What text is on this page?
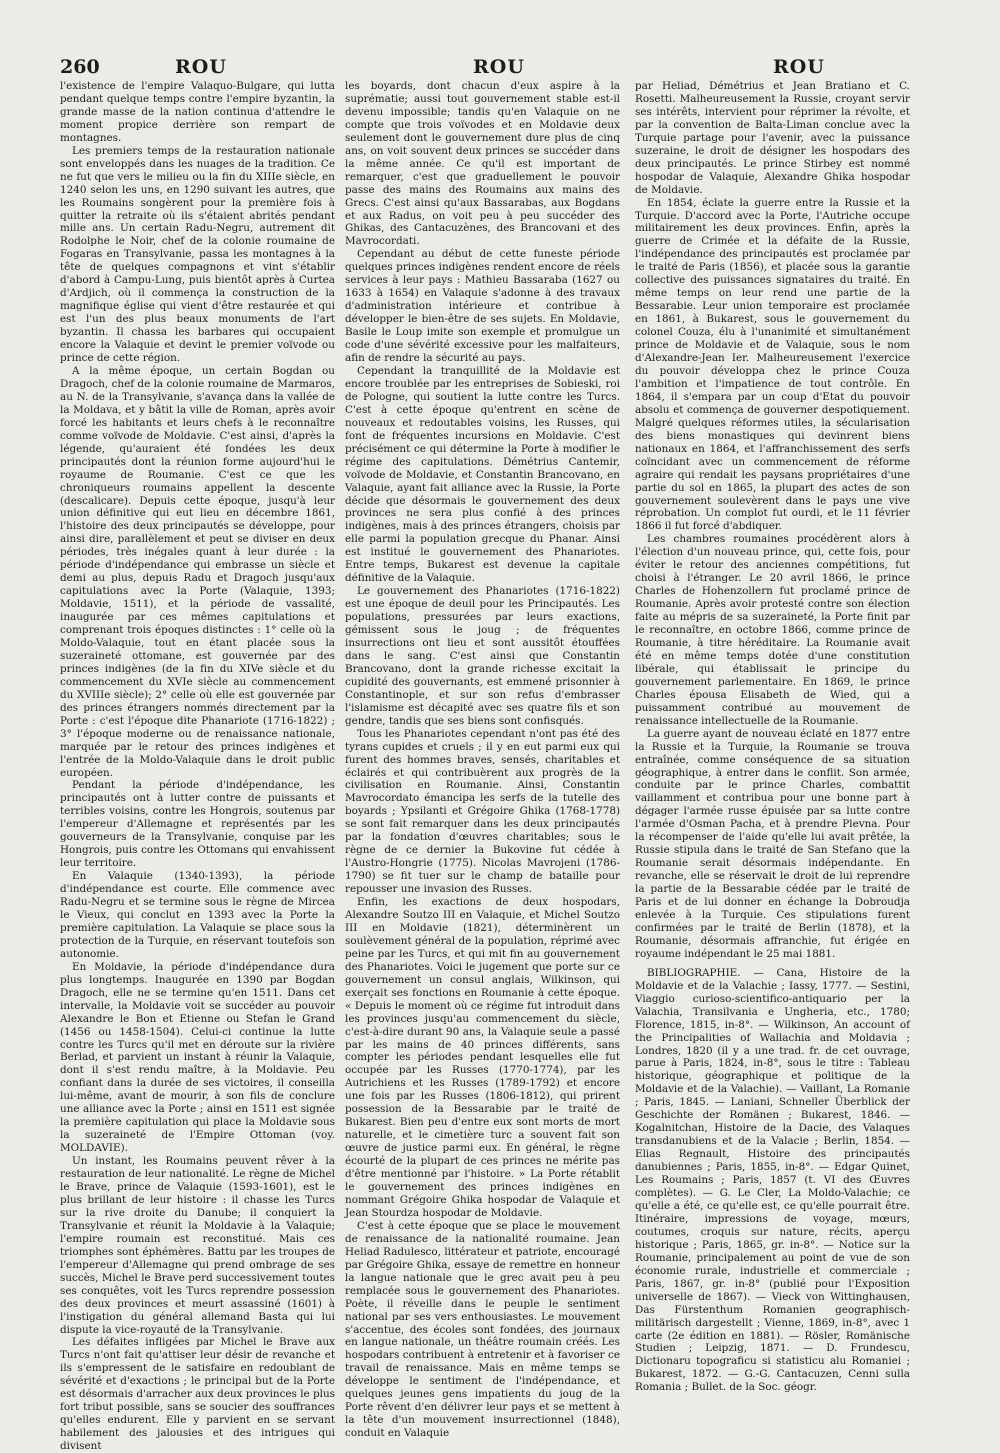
260	ROU	ROU	ROU

l'existence de l'empire Valaquo-Bulgare, qui lutta pendant quelque temps contre l'empire byzantin, la grande masse de la nation continua d'attendre le moment propice derrière son rempart de montagnes.

Les premiers temps de la restauration nationale sont enveloppés dans les nuages de la tradition. Ce ne fut que vers le milieu ou la fin du XIIIe siècle, en 1240 selon les uns, en 1290 suivant les autres, que les Roumains songèrent pour la première fois à quitter la retraite où ils s'étaient abrités pendant mille ans. Un certain Radu-Negru, autrement dit Rodolphe le Noir, chef de la colonie roumaine de Fogaras en Transylvanie, passa les montagnes à la tête de quelques compagnons et vint s'établir d'abord à Campu-Lung, puis bientôt après à Curtea d'Ardjich, où il commença la construction de la magnifique église qui vient d'être restaurée et qui est l'un des plus beaux monuments de l'art byzantin. Il chassa les barbares qui occupaient encore la Valaquie et devint le premier voïvode ou prince de cette région.

A la même époque, un certain Bogdan ou Dragoch, chef de la colonie roumaine de Marmaros, au N. de la Transylvanie, s'avança dans la vallée de la Moldava, et y bâtit la ville de Roman, après avoir forcé les habitants et leurs chefs à le reconnaître comme voïvode de Moldavie. C'est ainsi, d'après la légende, qu'auraient été fondées les deux principautés dont la réunion forme aujourd'hui le royaume de Roumanie. C'est ce que les chroniqueurs roumains appellent la descente (descalicare). Depuis cette époque, jusqu'à leur union définitive qui eut lieu en décembre 1861, l'histoire des deux principautés se développe, pour ainsi dire, parallèlement et peut se diviser en deux périodes, très inégales quant à leur durée : la période d'indépendance qui embrasse un siècle et demi au plus, depuis Radu et Dragoch jusqu'aux capitulations avec la Porte (Valaquie, 1393; Moldavie, 1511), et la période de vassalité, inaugurée par ces mêmes capitulations et comprenant trois époques distinctes : 1° celle où la Moldo-Valaquie, tout en étant placée sous la suzeraineté ottomane, est gouvernée par des princes indigènes (de la fin du XIVe siècle et du commencement du XVIe siècle au commencement du XVIIIe siècle); 2° celle où elle est gouvernée par des princes étrangers nommés directement par la Porte : c'est l'époque dite Phanariote (1716-1822) ; 3° l'époque moderne ou de renaissance nationale, marquée par le retour des princes indigènes et l'entrée de la Moldo-Valaquie dans le droit public européen.

Pendant la période d'indépendance, les principautés ont à lutter contre de puissants et terribles voisins, contre les Hongrois, soutenus par l'empereur d'Allemagne et représentés par les gouverneurs de la Transylvanie, conquise par les Hongrois, puis contre les Ottomans qui envahissent leur territoire.

En Valaquie (1340-1393), la période d'indépendance est courte. Elle commence avec Radu-Negru et se termine sous le règne de Mircea le Vieux, qui conclut en 1393 avec la Porte la première capitulation. La Valaquie se place sous la protection de la Turquie, en réservant toutefois son autonomie.

En Moldavie, la période d'indépendance dura plus longtemps. Inaugurée en 1390 par Bogdan Dragoch, elle ne se termine qu'en 1511. Dans cet intervalle, la Moldavie voit se succéder au pouvoir Alexandre le Bon et Etienne ou Stefan le Grand (1456 ou 1458-1504). Celui-ci continue la lutte contre les Turcs qu'il met en déroute sur la rivière Berlad, et parvient un instant à réunir la Valaquie, dont il s'est rendu maître, à la Moldavie. Peu confiant dans la durée de ses victoires, il conseilla lui-même, avant de mourir, à son fils de conclure une alliance avec la Porte ; ainsi en 1511 est signée la première capitulation qui place la Moldavie sous la suzeraineté de l'Empire Ottoman (voy. MOLDAVIE).

Un instant, les Roumains peuvent rêver à la restauration de leur nationalité. Le règne de Michel le Brave, prince de Valaquie (1593-1601), est le plus brillant de leur histoire : il chasse les Turcs sur la rive droite du Danube; il conquiert la Transylvanie et réunit la Moldavie à la Valaquie; l'empire roumain est reconstitué. Mais ces triomphes sont éphémères. Battu par les troupes de l'empereur d'Allemagne qui prend ombrage de ses succès, Michel le Brave perd successivement toutes ses conquêtes, voit les Turcs reprendre possession des deux provinces et meurt assassiné (1601) à l'instigation du général allemand Basta qui lui dispute la vice-royauté de la Transylvanie.

Les défaites infligées par Michel le Brave aux Turcs n'ont fait qu'attiser leur désir de revanche et ils s'empressent de le satisfaire en redoublant de sévérité et d'exactions ; le principal but de la Porte est désormais d'arracher aux deux provinces le plus fort tribut possible, sans se soucier des souffrances qu'elles endurent. Elle y parvient en se servant habilement des jalousies et des intrigues qui divisent

les boyards, dont chacun d'eux aspire à la suprématie; aussi tout gouvernement stable est-il devenu impossible; tandis qu'en Valaquie on ne compte que trois voïvodes et en Moldavie deux seulement dont le gouvernement dure plus de cinq ans, on voit souvent deux princes se succéder dans la même année. Ce qu'il est important de remarquer, c'est que graduellement le pouvoir passe des mains des Roumains aux mains des Grecs. C'est ainsi qu'aux Bassarabas, aux Bogdans et aux Radus, on voit peu à peu succéder des Ghikas, des Cantacuzènes, des Brancovani et des Mavrocordati.

Cependant au début de cette funeste période quelques princes indigènes rendent encore de réels services à leur pays : Mathieu Bassaraba (1627 ou 1633 à 1654) en Valaquie s'adonne à des travaux d'administration intérieure et contribue à développer le bien-être de ses sujets. En Moldavie, Basile le Loup imite son exemple et promulgue un code d'une sévérité excessive pour les malfaiteurs, afin de rendre la sécurité au pays.

Cependant la tranquillité de la Moldavie est encore troublée par les entreprises de Sobieski, roi de Pologne, qui soutient la lutte contre les Turcs. C'est à cette époque qu'entrent en scène de nouveaux et redoutables voisins, les Russes, qui font de fréquentes incursions en Moldavie. C'est précisément ce qui détermine la Porte à modifier le régime des capitulations. Démétrius Cantemir, voïvode de Moldavie, et Constantin Brancovano, en Valaquie, ayant fait alliance avec la Russie, la Porte décide que désormais le gouvernement des deux provinces ne sera plus confié à des princes indigènes, mais à des princes étrangers, choisis par elle parmi la population grecque du Phanar. Ainsi est institué le gouvernement des Phanariotes. Entre temps, Bukarest est devenue la capitale définitive de la Valaquie.

Le gouvernement des Phanariotes (1716-1822) est une époque de deuil pour les Principautés. Les populations, pressurées par leurs exactions, gémissent sous le joug ; de fréquentes insurrections ont lieu et sont aussitôt étouffées dans le sang. C'est ainsi que Constantin Brancovano, dont la grande richesse excitait la cupidité des gouvernants, est emmené prisonnier à Constantinople, et sur son refus d'embrasser l'islamisme est décapité avec ses quatre fils et son gendre, tandis que ses biens sont confisqués.

Tous les Phanariotes cependant n'ont pas été des tyrans cupides et cruels ; il y en eut parmi eux qui furent des hommes braves, sensés, charitables et éclairés et qui contribuèrent aux progrès de la civilisation en Roumanie. Ainsi, Constantin Mavrocordato émancipa les serfs de la tutelle des boyards ; Ypsilanti et Grégoire Ghika (1768-1778) se sont fait remarquer dans les deux principautés par la fondation d'œuvres charitables; sous le règne de ce dernier la Bukovine fut cédée à l'Austro-Hongrie (1775). Nicolas Mavrojeni (1786-1790) se fit tuer sur le champ de bataille pour repousser une invasion des Russes.

Enfin, les exactions de deux hospodars, Alexandre Soutzo III en Valaquie, et Michel Soutzo III en Moldavie (1821), déterminèrent un soulèvement général de la population, réprimé avec peine par les Turcs, et qui mit fin au gouvernement des Phanariotes. Voici le jugement que porte sur ce gouvernement un consul anglais, Wilkinson, qui exerçait ses fonctions en Roumanie à cette époque. « Depuis le moment où ce régime fut introduit dans les provinces jusqu'au commencement du siècle, c'est-à-dire durant 90 ans, la Valaquie seule a passé par les mains de 40 princes différents, sans compter les périodes pendant lesquelles elle fut occupée par les Russes (1770-1774), par les Autrichiens et les Russes (1789-1792) et encore une fois par les Russes (1806-1812), qui prirent possession de la Bessarabie par le traité de Bukarest. Bien peu d'entre eux sont morts de mort naturelle, et le cimetière turc a souvent fait son œuvre de justice parmi eux. En général, le règne écourté de la plupart de ces princes ne mérite pas d'être mentionné par l'histoire. » La Porte rétablit le gouvernement des princes indigènes en nommant Grégoire Ghika hospodar de Valaquie et Jean Stourdza hospodar de Moldavie.

C'est à cette époque que se place le mouvement de renaissance de la nationalité roumaine. Jean Heliad Radulesco, littérateur et patriote, encouragé par Grégoire Ghika, essaye de remettre en honneur la langue nationale que le grec avait peu à peu remplacée sous le gouvernement des Phanariotes. Poète, il réveille dans le peuple le sentiment national par ses vers enthousiastes. Le mouvement s'accentue, des écoles sont fondées, des journaux en langue nationale, un théâtre roumain créés. Les hospodars contribuent à entretenir et à favoriser ce travail de renaissance. Mais en même temps se développe le sentiment de l'indépendance, et quelques jeunes gens impatients du joug de la Porte rêvent d'en délivrer leur pays et se mettent à la tête d'un mouvement insurrectionnel (1848), conduit en Valaquie

par Heliad, Démétrius et Jean Bratiano et C. Rosetti. Malheureusement la Russie, croyant servir ses intérêts, intervient pour réprimer la révolte, et par la convention de Balta-Liman conclue avec la Turquie partage pour l'avenir, avec la puissance suzeraine, le droit de désigner les hospodars des deux principautés. Le prince Stirbey est nommé hospodar de Valaquie, Alexandre Ghika hospodar de Moldavie.

En 1854, éclate la guerre entre la Russie et la Turquie. D'accord avec la Porte, l'Autriche occupe militairement les deux provinces. Enfin, après la guerre de Crimée et la défaite de la Russie, l'indépendance des principautés est proclamée par le traité de Paris (1856), et placée sous la garantie collective des puissances signataires du traité. En même temps on leur rend une partie de la Bessarabie. Leur union temporaire est proclamée en 1861, à Bukarest, sous le gouvernement du colonel Couza, élu à l'unanimité et simultanément prince de Moldavie et de Valaquie, sous le nom d'Alexandre-Jean Ier. Malheureusement l'exercice du pouvoir développa chez le prince Couza l'ambition et l'impatience de tout contrôle. En 1864, il s'empara par un coup d'Etat du pouvoir absolu et commença de gouverner despotiquement. Malgré quelques réformes utiles, la sécularisation des biens monastiques qui devinrent biens nationaux en 1864, et l'affranchissement des serfs coïncidant avec un commencement de réforme agraire qui rendait les paysans propriétaires d'une partie du sol en 1865, la plupart des actes de son gouvernement soulevèrent dans le pays une vive réprobation. Un complot fut ourdi, et le 11 février 1866 il fut forcé d'abdiquer.

Les chambres roumaines procédèrent alors à l'élection d'un nouveau prince, qui, cette fois, pour éviter le retour des anciennes compétitions, fut choisi à l'étranger. Le 20 avril 1866, le prince Charles de Hohenzollern fut proclamé prince de Roumanie. Après avoir protesté contre son élection faite au mépris de sa suzeraineté, la Porte finit par le reconnaître, en octobre 1866, comme prince de Roumanie, à titre héréditaire. La Roumanie avait été en même temps dotée d'une constitution libérale, qui établissait le principe du gouvernement parlementaire. En 1869, le prince Charles épousa Elisabeth de Wied, qui a puissamment contribué au mouvement de renaissance intellectuelle de la Roumanie.

La guerre ayant de nouveau éclaté en 1877 entre la Russie et la Turquie, la Roumanie se trouva entraînée, comme conséquence de sa situation géographique, à entrer dans le conflit. Son armée, conduite par le prince Charles, combattit vaillamment et contribua pour une bonne part à dégager l'armée russe épuisée par sa lutte contre l'armée d'Osman Pacha, et à prendre Plevna. Pour la récompenser de l'aide qu'elle lui avait prêtée, la Russie stipula dans le traité de San Stefano que la Roumanie serait désormais indépendante. En revanche, elle se réservait le droit de lui reprendre la partie de la Bessarabie cédée par le traité de Paris et de lui donner en échange la Dobroudja enlevée à la Turquie. Ces stipulations furent confirmées par le traité de Berlin (1878), et la Roumanie, désormais affranchie, fut érigée en royaume indépendant le 25 mai 1881.

BIBLIOGRAPHIE. — Cana, Histoire de la Moldavie et de la Valachie ; Iassy, 1777. — Sestini, Viaggio curioso-scientifico-antiquario per la Valachia, Transilvania e Ungheria, etc., 1780; Florence, 1815, in-8°. — Wilkinson, An account of the Principalities of Wallachia and Moldavia ; Londres, 1820 (il y a une trad. fr. de cet ouvrage, parue à Paris, 1824, in-8°, sous le titre : Tableau historique, géographique et politique de la Moldavie et de la Valachie). — Vaillant, La Romanie ; Paris, 1845. — Laniani, Schneller Überblick der Geschichte der Romänen ; Bukarest, 1846. — Kogalnitchan, Histoire de la Dacie, des Valaques transdanubiens et de la Valacie ; Berlin, 1854. — Elias Regnault, Histoire des principautés danubiennes ; Paris, 1855, in-8°. — Edgar Quinet, Les Roumains ; Paris, 1857 (t. VI des Œuvres complètes). — G. Le Cler, La Moldo-Valachie; ce qu'elle a été, ce qu'elle est, ce qu'elle pourrait être. Itinéraire, impressions de voyage, mœurs, coutumes, croquis sur nature, récits, aperçu historique ; Paris, 1865, gr. in-8°. — Notice sur la Roumanie, principalement au point de vue de son économie rurale, industrielle et commerciale ; Paris, 1867, gr. in-8° (publié pour l'Exposition universelle de 1867). — Vieck von Wittinghausen, Das Fürstenthum Romanien geographisch-militärisch dargestellt ; Vienne, 1869, in-8°, avec 1 carte (2e édition en 1881). — Rösler, Romänische Studien ; Leipzig, 1871. — D. Frundescu, Dictionaru topograficu si statisticu alu Romaniei ; Bukarest, 1872. — G.-G. Cantacuzen, Cenni sulla Romania ; Bullet. de la Soc. géogr.
